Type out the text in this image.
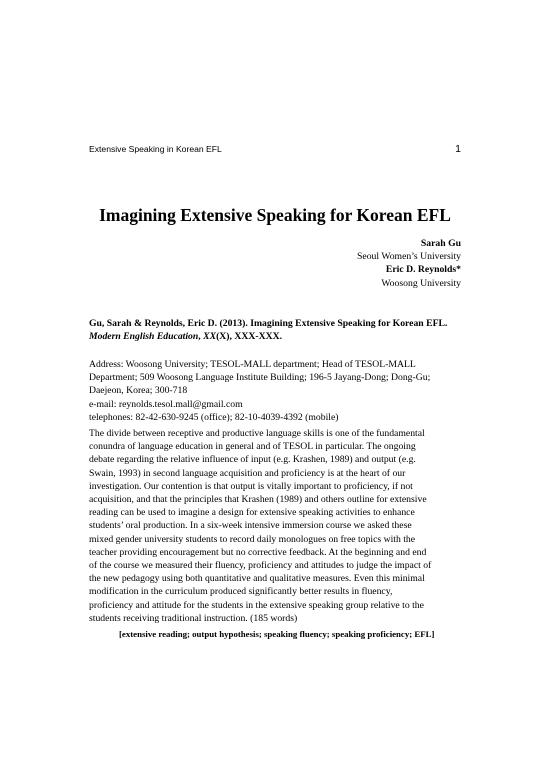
Extensive Speaking in Korean EFL	1
Imagining Extensive Speaking for Korean EFL
Sarah Gu
Seoul Women’s University
Eric D. Reynolds*
Woosong University
Gu, Sarah & Reynolds, Eric D. (2013). Imagining Extensive Speaking for Korean EFL.
Modern English Education, XX(X), XXX-XXX.
Address: Woosong University; TESOL-MALL department; Head of TESOL-MALL
Department; 509 Woosong Language Institute Building; 196-5 Jayang-Dong; Dong-Gu;
Daejeon, Korea; 300-718
e-mail: reynolds.tesol.mall@gmail.com
telephones: 82-42-630-9245 (office); 82-10-4039-4392 (mobile)
The divide between receptive and productive language skills is one of the fundamental
conundra of language education in general and of TESOL in particular. The ongoing
debate regarding the relative influence of input (e.g. Krashen, 1989) and output (e.g.
Swain, 1993) in second language acquisition and proficiency is at the heart of our
investigation. Our contention is that output is vitally important to proficiency, if not
acquisition, and that the principles that Krashen (1989) and others outline for extensive
reading can be used to imagine a design for extensive speaking activities to enhance
students’ oral production. In a six-week intensive immersion course we asked these
mixed gender university students to record daily monologues on free topics with the
teacher providing encouragement but no corrective feedback. At the beginning and end
of the course we measured their fluency, proficiency and attitudes to judge the impact of
the new pedagogy using both quantitative and qualitative measures. Even this minimal
modification in the curriculum produced significantly better results in fluency,
proficiency and attitude for the students in the extensive speaking group relative to the
students receiving traditional instruction. (185 words)
[extensive reading; output hypothesis; speaking fluency; speaking proficiency; EFL]
